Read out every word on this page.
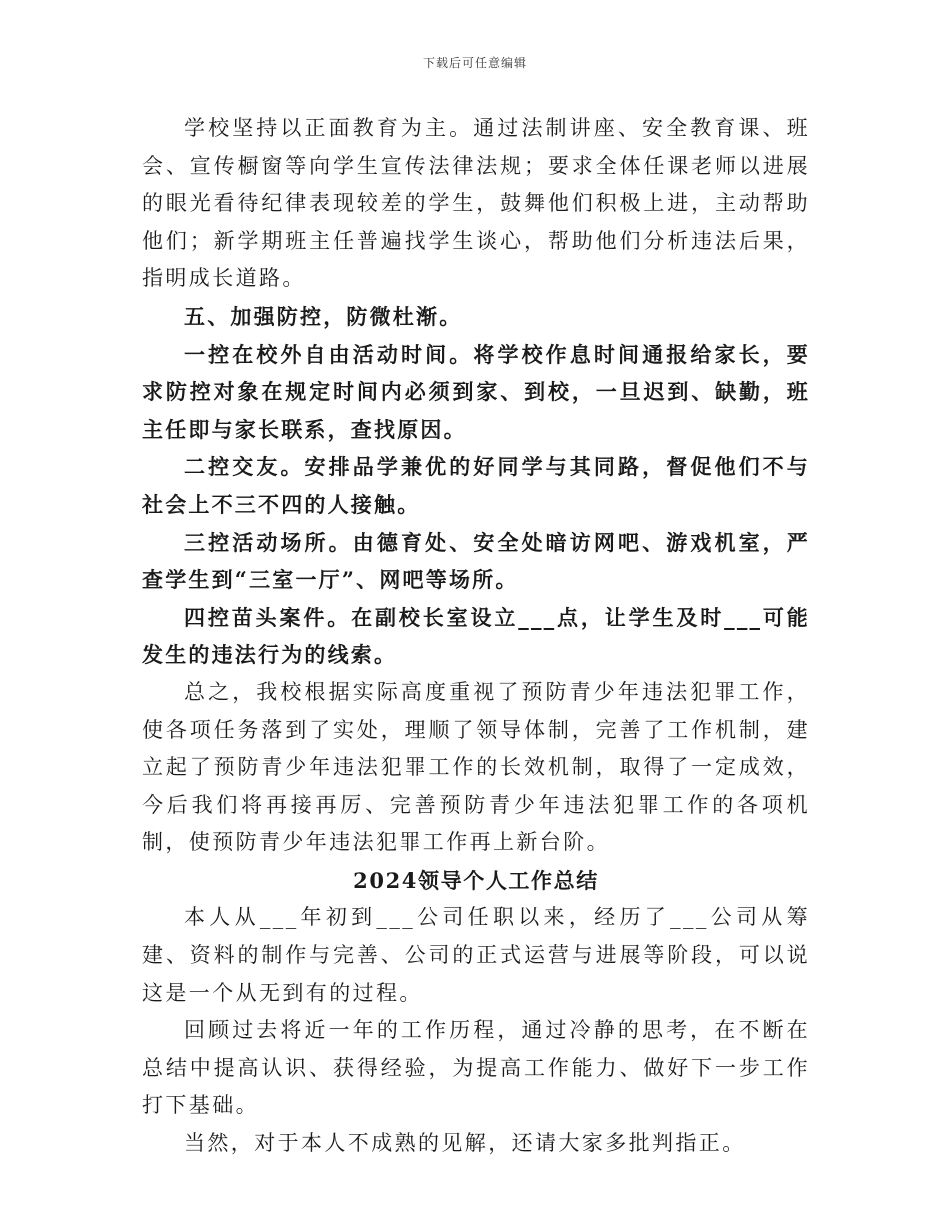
下载后可任意编辑

学校坚持以正面教育为主。通过法制讲座、安全教育课、班会、宣传橱窗等向学生宣传法律法规；要求全体任课老师以进展的眼光看待纪律表现较差的学生，鼓舞他们积极上进，主动帮助他们；新学期班主任普遍找学生谈心，帮助他们分析违法后果，指明成长道路。

五、加强防控，防微杜渐。

一控在校外自由活动时间。将学校作息时间通报给家长，要求防控对象在规定时间内必须到家、到校，一旦迟到、缺勤，班主任即与家长联系，查找原因。

二控交友。安排品学兼优的好同学与其同路，督促他们不与社会上不三不四的人接触。

三控活动场所。由德育处、安全处暗访网吧、游戏机室，严查学生到“三室一厅”、网吧等场所。

四控苗头案件。在副校长室设立___点，让学生及时___可能发生的违法行为的线索。

总之，我校根据实际高度重视了预防青少年违法犯罪工作，使各项任务落到了实处，理顺了领导体制，完善了工作机制，建立起了预防青少年违法犯罪工作的长效机制，取得了一定成效，今后我们将再接再厉、完善预防青少年违法犯罪工作的各项机制，使预防青少年违法犯罪工作再上新台阶。

2024领导个人工作总结

本人从___年初到___公司任职以来，经历了___公司从筹建、资料的制作与完善、公司的正式运营与进展等阶段，可以说这是一个从无到有的过程。

回顾过去将近一年的工作历程，通过冷静的思考，在不断在总结中提高认识、获得经验，为提高工作能力、做好下一步工作打下基础。

当然，对于本人不成熟的见解，还请大家多批判指正。
